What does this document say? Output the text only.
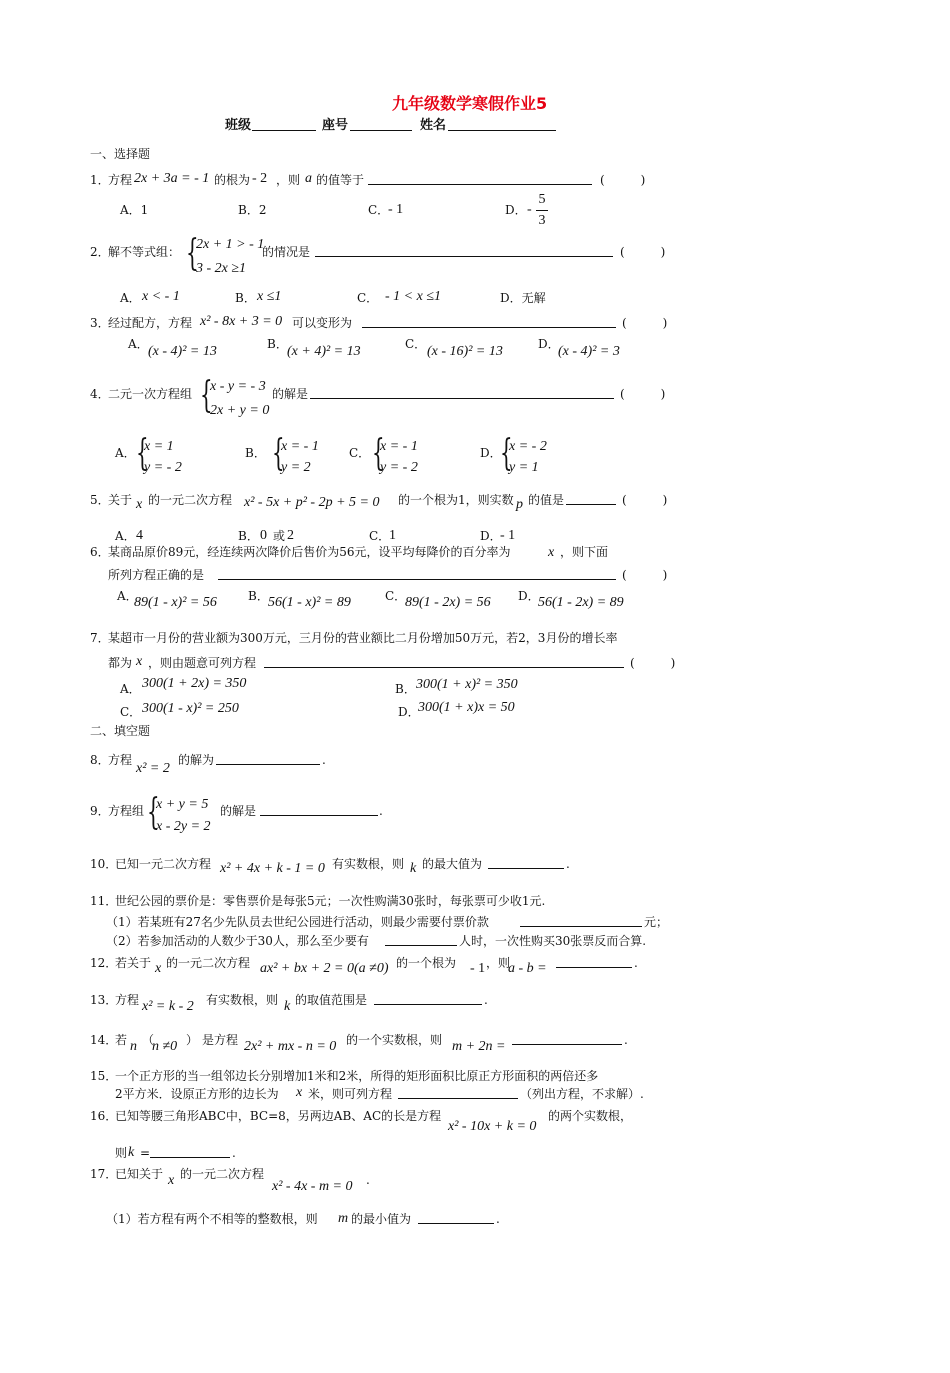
九年级数学寒假作业5
班级	座号	姓名
一、选择题
1．
方程 2x + 3a = - 1 的根为 - 2 ，则 a 的值等于	(　　　)
A．1	B．2	C．
- 1	D． -
5
3
2．
解不等式组： {
2x + 1 > - 1
3 - 2x ≥1
的情况是	(　　　)
A． x < - 1	B． x ≤1	C． - 1 < x ≤1	D．无解
3．
经过配方，方程 x² - 8x + 3 = 0 可以变形为	(　　　)
A． (x - 4)² = 13	B． (x + 4)² = 13	C． (x - 16)² = 13	D．
(x - 4)² = 3
4．
二元一次方程组 {
x - y = - 3
2x + y = 0
的解是	(　　　)
A． {
x = 1
y = - 2
B． {
x = - 1
y = 2
C． {
x = - 1
y = - 2
D．
{
x = - 2
y = 1
5．
关于 x 的一元二次方程 x² - 5x + p² - 2p + 5 = 0 的一个根为1，则实数 p 的值是	(　　　)
A． 4	B． 0 或 2	C．
1	D．
- 1
6．
某商品原价89元，经连续两次降价后售价为56元，设平均每降价的百分率为	x ，则下面
所列方程正确的是	(　　　)
A．
89(1 - x)² = 56	B． 56(1 - x)² = 89	C．
89(1 - 2x) = 56 D．
56(1 - 2x) = 89
7．
某超市一月份的营业额为300万元，三月份的营业额比二月份增加50万元，若2，3月份的增长率
都为 x ，则由题意可列方程	(　　　)
A． 300(1 + 2x) = 350	B． 300(1 + x)² = 350
C． 300(1 - x)² = 250	D．
300(1 + x)x = 50
二、填空题
8．
方程
x² = 2
的解为	.
9．
方程组 {
x + y = 5
x - 2y = 2
的解是	.
10．
已知一元二次方程 x² + 4x + k - 1 = 0 有实数根，则 k 的最大值为	.
11．
世纪公园的票价是：零售票价是每张5元；一次性购满30张时，每张票可少收1元.
（1）若某班有27名少先队员去世纪公园进行活动，则最少需要付票价款	元；
（2）若参加活动的人数少于30人，那么至少要有	人时，一次性购买30张票反而合算.
12．
若关于 x 的一元二次方程 ax² + bx + 2 = 0(a ≠0) 的一个根为 - 1 ，则
a - b =	.
13．
方程 x² = k - 2 有实数根，则 k 的取值范围是	.
14．
若 n （
n ≠0 ） 是方程 2x² + mx - n = 0 的一个实数根，则 m + 2n =	.
15．
一个正方形的当一组邻边长分别增加1米和2米，所得的矩形面积比原正方形面积的两倍还多
2平方米．设原正方形的边长为 x 米，则可列方程	（列出方程，不求解）.
16．
已知等腰三角形ABC中，BC=8，另两边AB、AC的长是方程
x² - 10x + k = 0
的两个实数根，
则 k =	.
17．
已知关于 x 的一元二次方程
x² - 4x - m = 0 .
（1）若方程有两个不相等的整数根，则 m 的最小值为	.
